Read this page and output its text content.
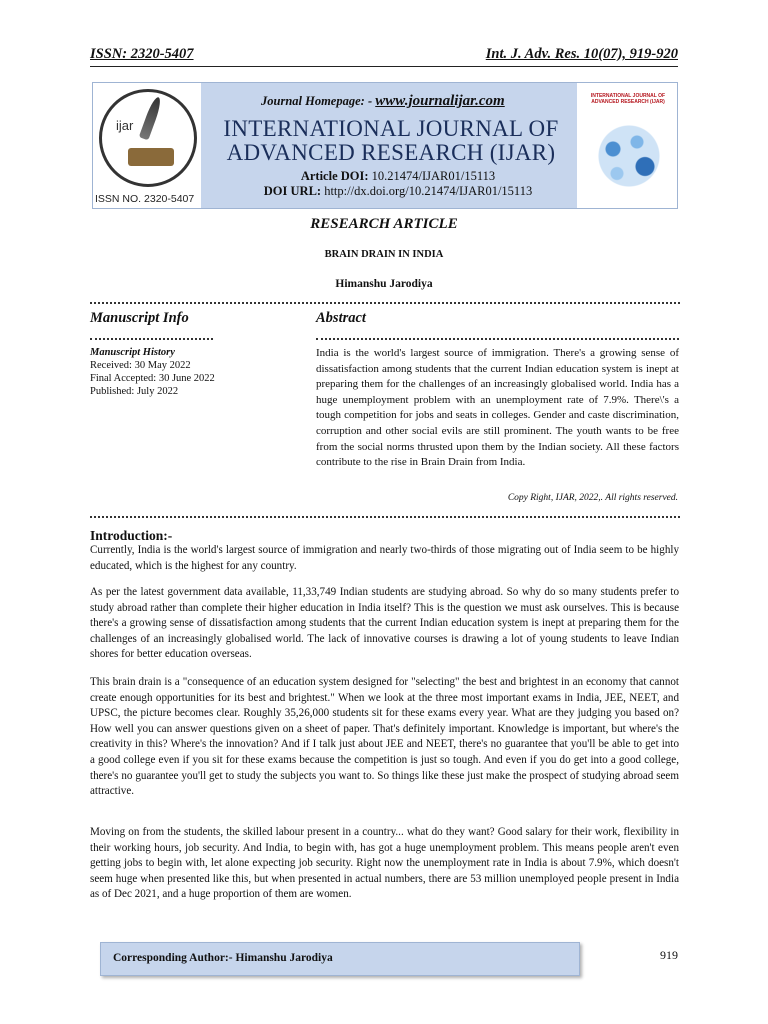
ISSN: 2320-5407	Int. J. Adv. Res. 10(07), 919-920
ijar
ISSN NO. 2320-5407
Journal Homepage: - www.journalijar.com
INTERNATIONAL JOURNAL OF
ADVANCED RESEARCH (IJAR)
Article DOI: 10.21474/IJAR01/15113
DOI URL: http://dx.doi.org/10.21474/IJAR01/15113
INTERNATIONAL JOURNAL OF ADVANCED RESEARCH (IJAR)
RESEARCH ARTICLE
BRAIN DRAIN IN INDIA
Himanshu Jarodiya
Manuscript Info	Abstract
Manuscript History
Received: 30 May 2022
Final Accepted: 30 June 2022
Published: July 2022
India is the world's largest source of immigration. There's a growing sense of dissatisfaction among students that the current Indian education system is inept at preparing them for the challenges of an increasingly globalised world. India has a huge unemployment problem with an unemployment rate of 7.9%. There\'s a tough competition for jobs and seats in colleges. Gender and caste discrimination, corruption and other social evils are still prominent. The youth wants to be free from the social norms thrusted upon them by the Indian society. All these factors contribute to the rise in Brain Drain from India.
Copy Right, IJAR, 2022,. All rights reserved.
Introduction:-

Currently, India is the world's largest source of immigration and nearly two-thirds of those migrating out of India seem to be highly educated, which is the highest for any country.

As per the latest government data available, 11,33,749 Indian students are studying abroad. So why do so many students prefer to study abroad rather than complete their higher education in India itself? This is the question we must ask ourselves. This is because there's a growing sense of dissatisfaction among students that the current Indian education system is inept at preparing them for the challenges of an increasingly globalised world. The lack of innovative courses is drawing a lot of young students to leave Indian shores for better education overseas.

This brain drain is a "consequence of an education system designed for "selecting" the best and brightest in an economy that cannot create enough opportunities for its best and brightest." When we look at the three most important exams in India, JEE, NEET, and UPSC, the picture becomes clear. Roughly 35,26,000 students sit for these exams every year. What are they judging you based on? How well you can answer questions given on a sheet of paper. That's definitely important. Knowledge is important, but where's the creativity in this? Where's the innovation? And if I talk just about JEE and NEET, there's no guarantee that you'll be able to get into a good college even if you sit for these exams because the competition is just so tough. And even if you do get into a good college, there's no guarantee you'll get to study the subjects you want to. So things like these just make the prospect of studying abroad seem attractive.

Moving on from the students, the skilled labour present in a country... what do they want? Good salary for their work, flexibility in their working hours, job security. And India, to begin with, has got a huge unemployment problem. This means people aren't even getting jobs to begin with, let alone expecting job security. Right now the unemployment rate in India is about 7.9%, which doesn't seem huge when presented like this, but when presented in actual numbers, there are 53 million unemployed people present in India as of Dec 2021, and a huge proportion of them are women.

Corresponding Author:- Himanshu Jarodiya	919
